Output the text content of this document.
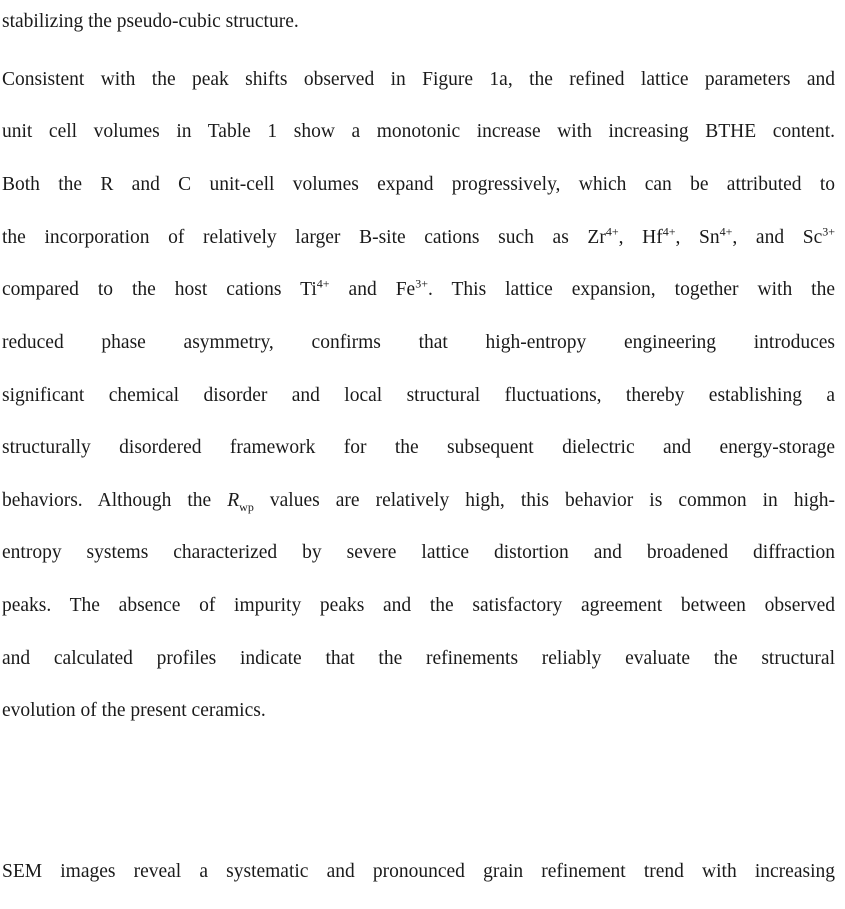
stabilizing the pseudo-cubic structure.
Consistent with the peak shifts observed in Figure 1a, the refined lattice parameters and
unit cell volumes in Table 1 show a monotonic increase with increasing BTHE content.
Both the R and C unit-cell volumes expand progressively, which can be attributed to
the incorporation of relatively larger B-site cations such as $Zr^{4+}$, $Hf^{4+}$, $Sn^{4+}$, and $Sc^{3+}$
compared to the host cations $Ti^{4+}$ and $Fe^{3+}$. This lattice expansion, together with the
reduced phase asymmetry, confirms that high-entropy engineering introduces
significant chemical disorder and local structural fluctuations, thereby establishing a
structurally disordered framework for the subsequent dielectric and energy-storage
behaviors. Although the $R_{wp}$ values are relatively high, this behavior is common in high-
entropy systems characterized by severe lattice distortion and broadened diffraction
peaks. The absence of impurity peaks and the satisfactory agreement between observed
and calculated profiles indicate that the refinements reliably evaluate the structural
evolution of the present ceramics.
SEM images reveal a systematic and pronounced grain refinement trend with increasing
